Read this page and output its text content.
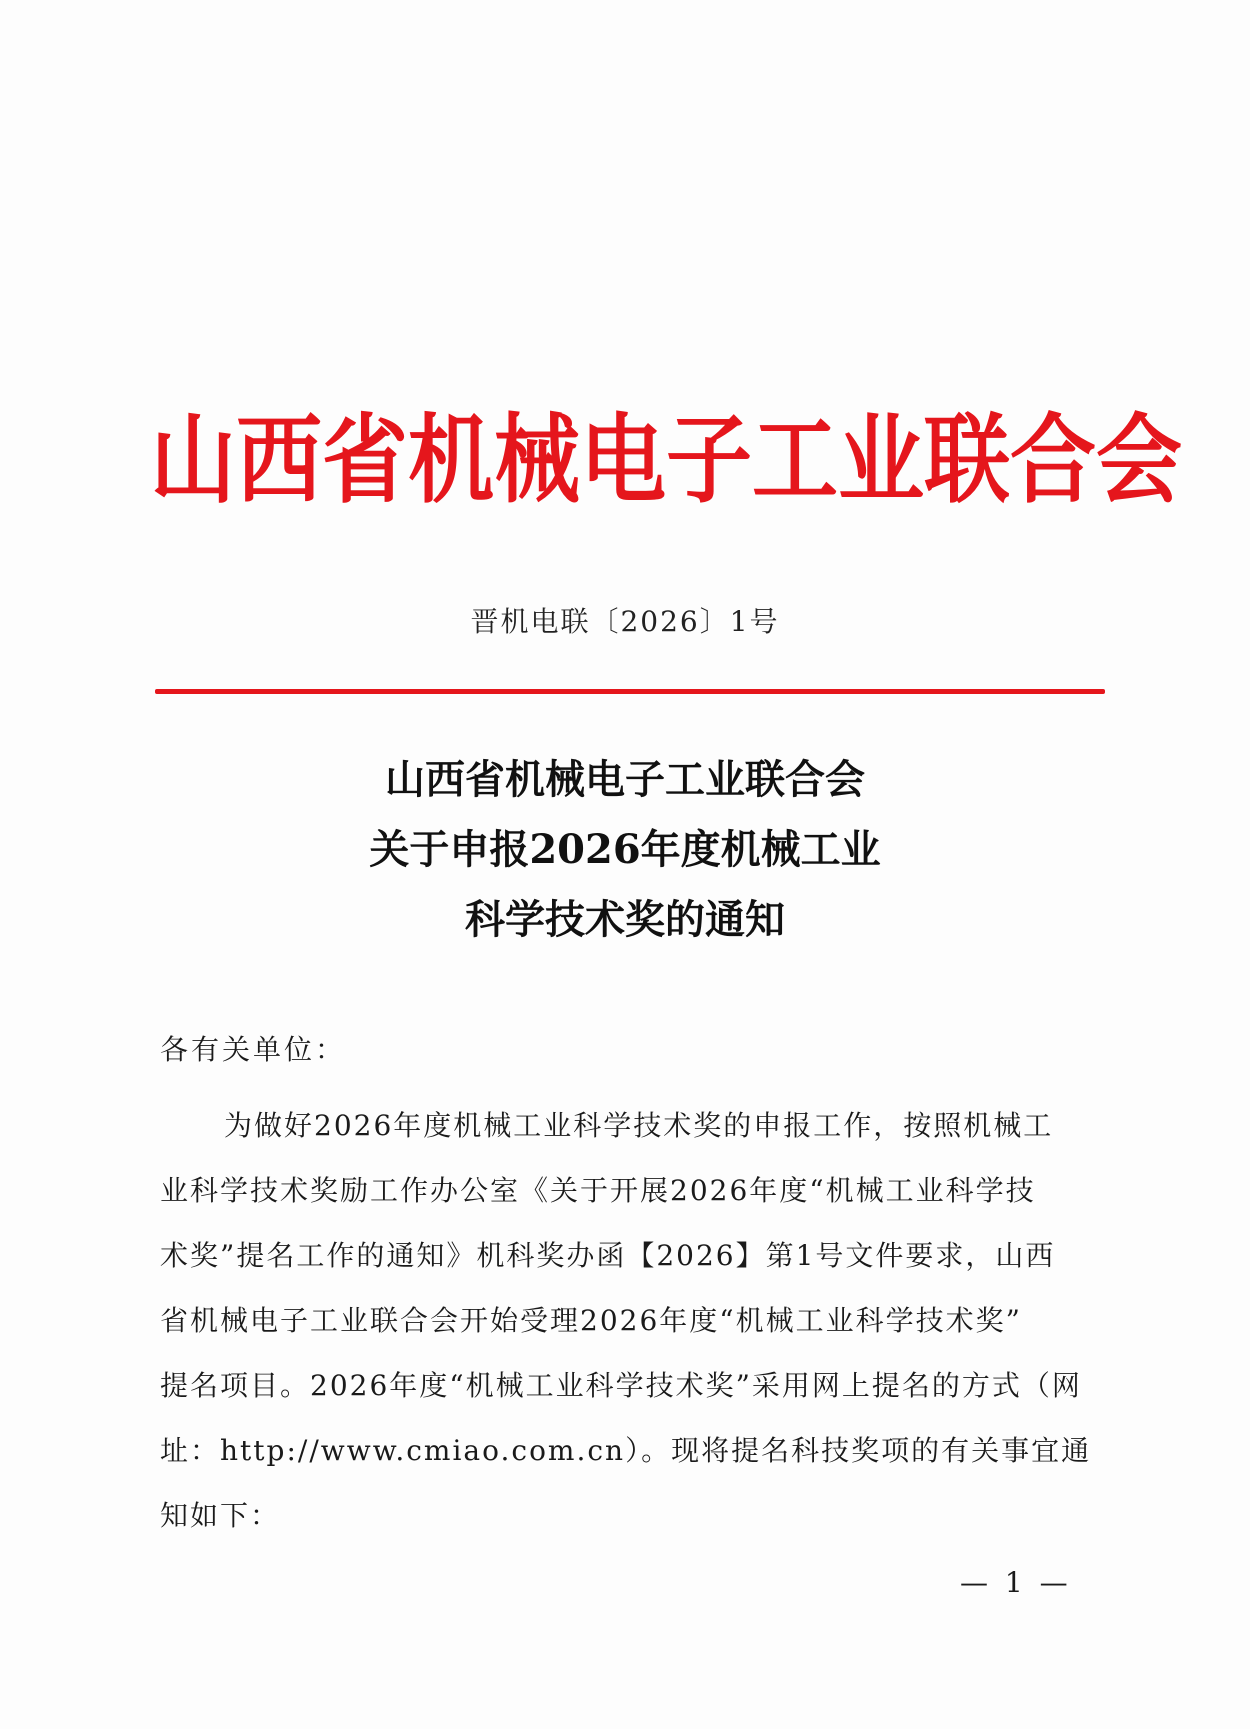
山西省机械电子工业联合会
晋机电联〔2026〕1号
山西省机械电子工业联合会
关于申报2026年度机械工业
科学技术奖的通知
各有关单位：
为做好2026年度机械工业科学技术奖的申报工作，按照机械工
业科学技术奖励工作办公室《关于开展2026年度“机械工业科学技
术奖”提名工作的通知》机科奖办函【2026】第1号文件要求，山西
省机械电子工业联合会开始受理2026年度“机械工业科学技术奖”
提名项目。2026年度“机械工业科学技术奖”采用网上提名的方式（网
址：http://www.cmiao.com.cn）。现将提名科技奖项的有关事宜通
知如下：
— 1 —
